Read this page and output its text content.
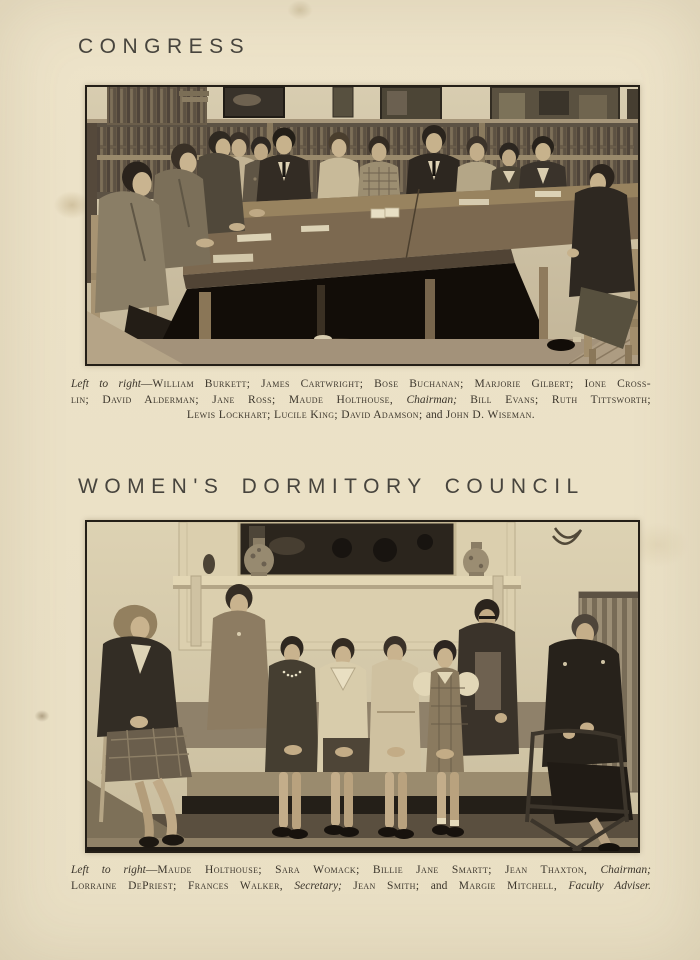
CONGRESS
Left to right—William Burkett; James Cartwright; Bose Buchanan; Marjorie Gilbert; Ione Cross-
lin; David Alderman; Jane Ross; Maude Holthouse, Chairman; Bill Evans; Ruth Tittsworth;
Lewis Lockhart; Lucile King; David Adamson; and John D. Wiseman.
WOMEN'S DORMITORY COUNCIL
Left to right—Maude Holthouse; Sara Womack; Billie Jane Smartt; Jean Thaxton, Chairman;
Lorraine DePriest; Frances Walker, Secretary; Jean Smith; and Margie Mitchell, Faculty Adviser.
